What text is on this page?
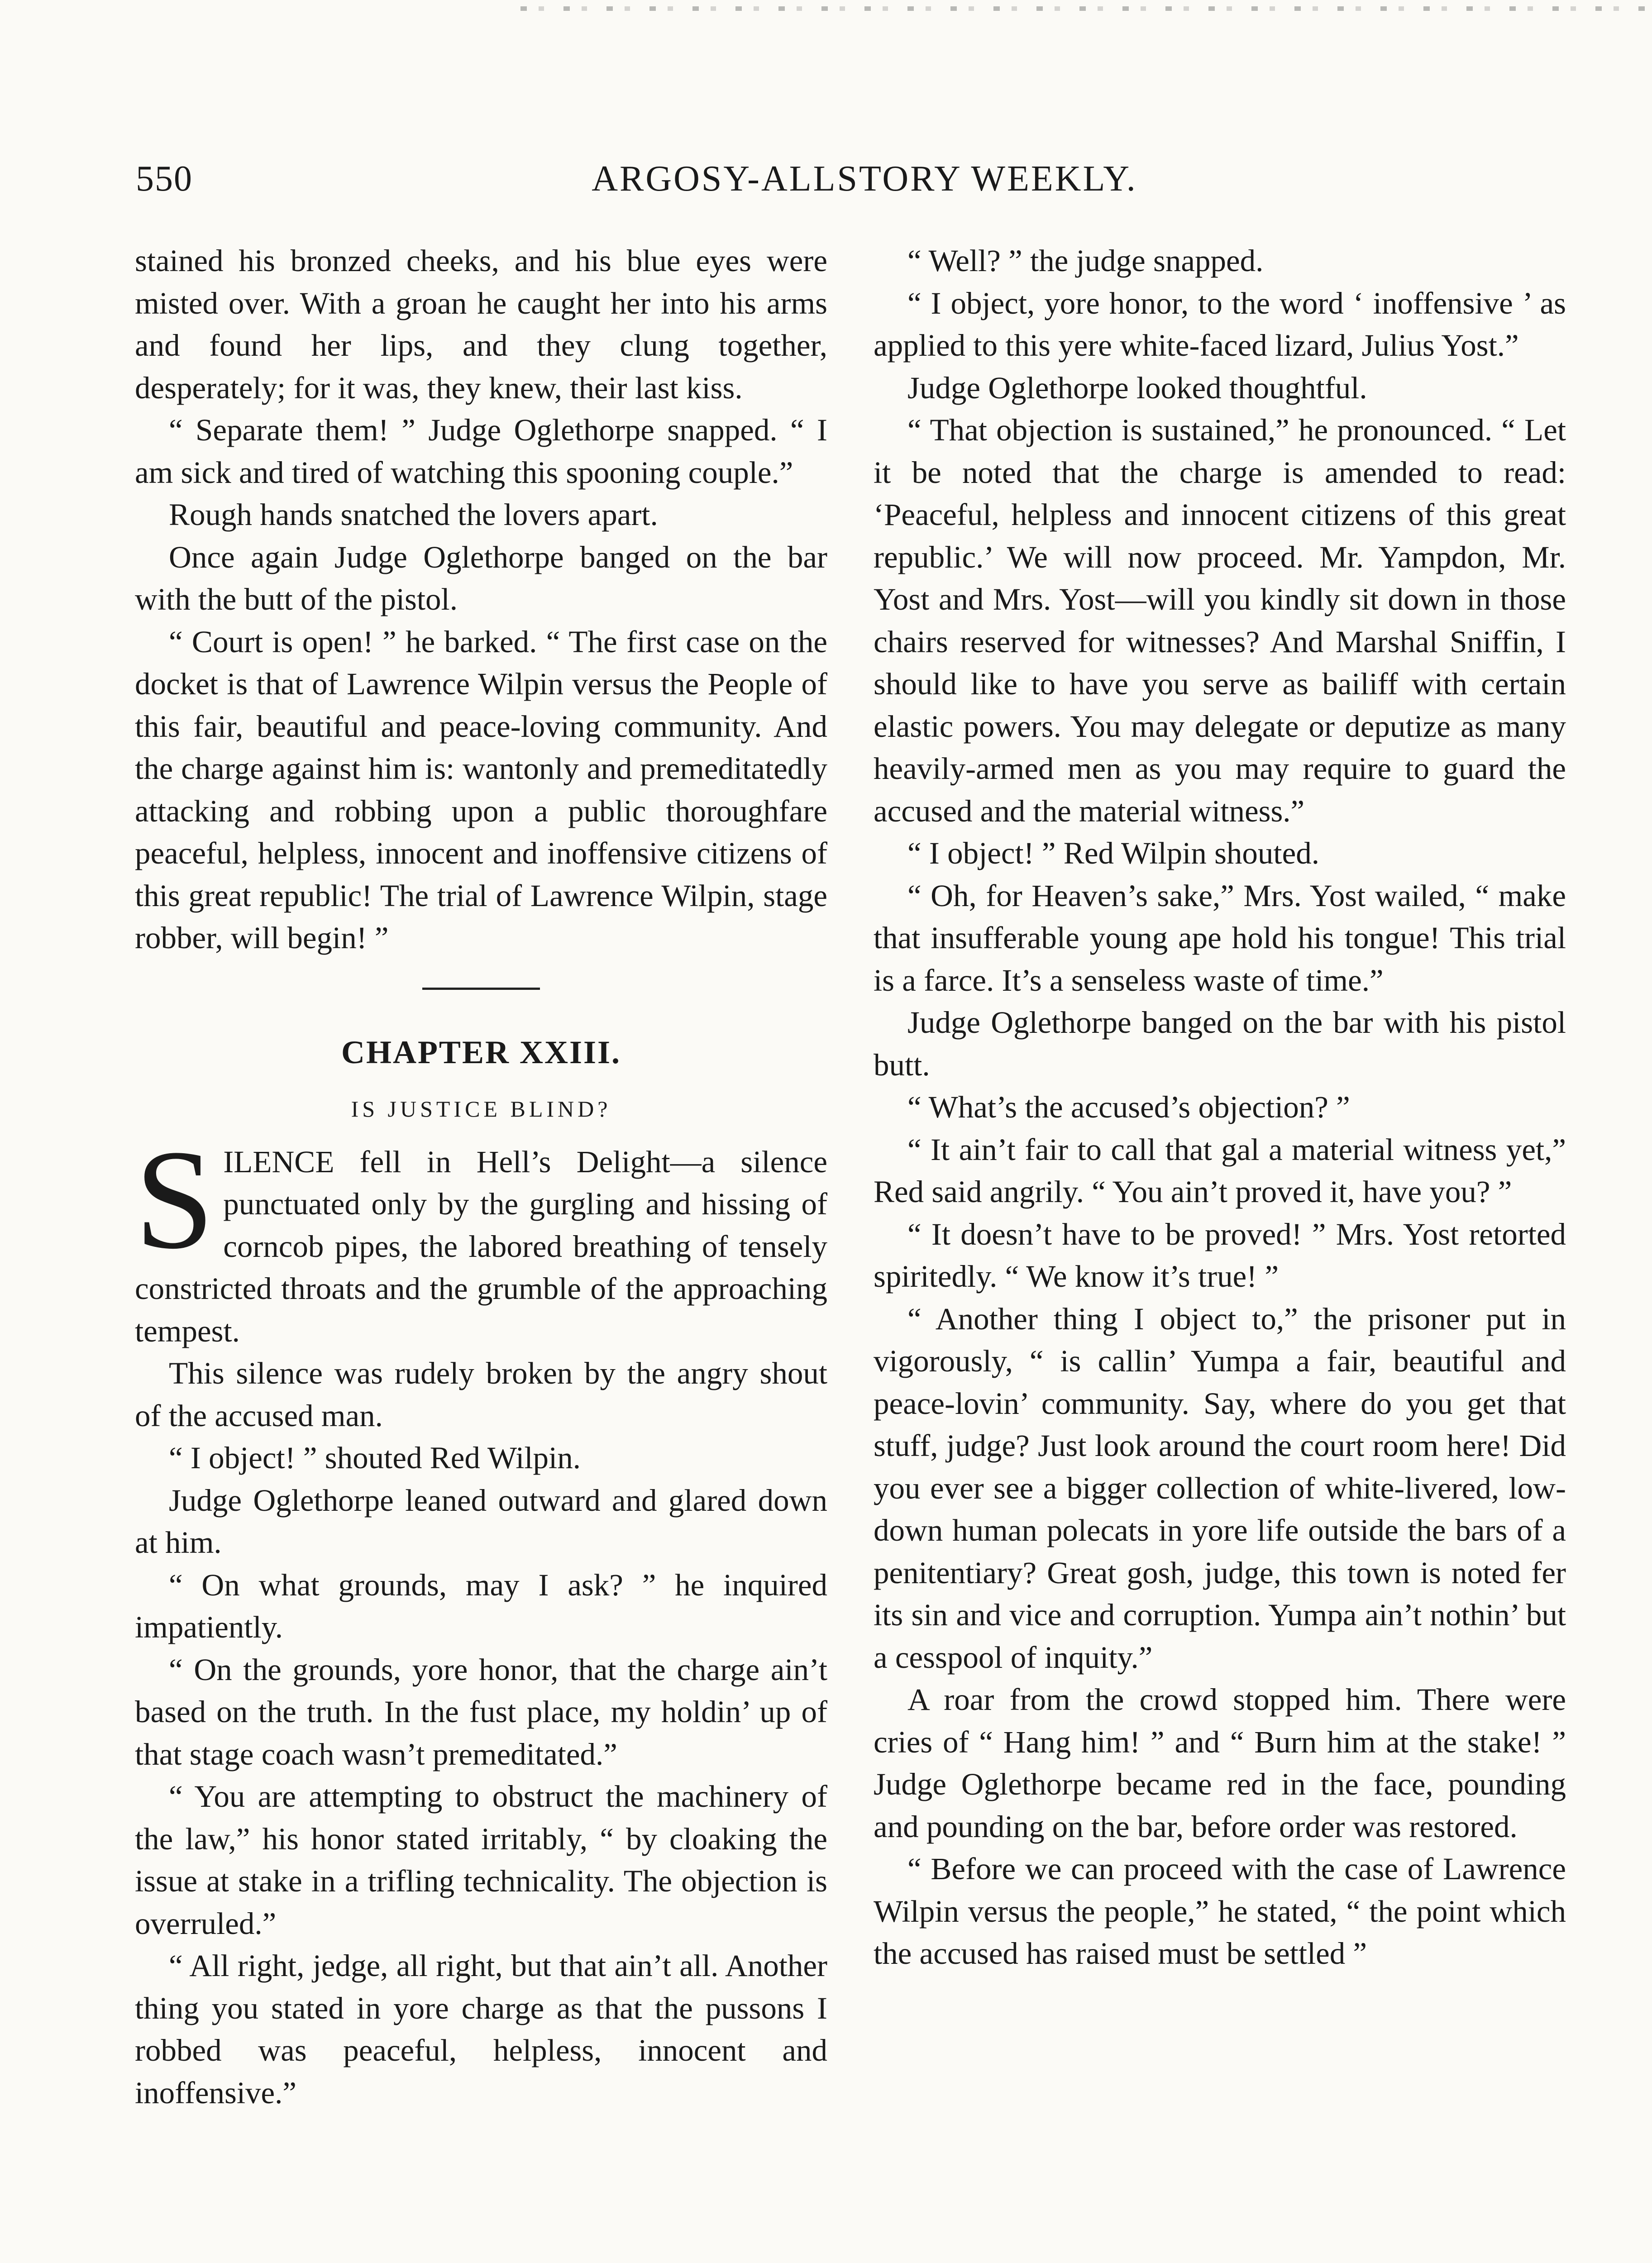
550	ARGOSY-ALLSTORY WEEKLY.

stained his bronzed cheeks, and his blue eyes were misted over. With a groan he caught her into his arms and found her lips, and they clung together, desperately; for it was, they knew, their last kiss.

“ Separate them! ” Judge Oglethorpe snapped. “ I am sick and tired of watching this spooning couple.”

Rough hands snatched the lovers apart.

Once again Judge Oglethorpe banged on the bar with the butt of the pistol.

“ Court is open! ” he barked. “ The first case on the docket is that of Lawrence Wilpin versus the People of this fair, beautiful and peace-loving community. And the charge against him is: wantonly and premeditatedly attacking and robbing upon a public thoroughfare peaceful, helpless, innocent and inoffensive citizens of this great republic! The trial of Lawrence Wilpin, stage robber, will begin! ”

CHAPTER XXIII.
IS JUSTICE BLIND?

SILENCE fell in Hell’s Delight—a silence punctuated only by the gurgling and hissing of corncob pipes, the labored breathing of tensely constricted throats and the grumble of the approaching tempest.

This silence was rudely broken by the angry shout of the accused man.

“ I object! ” shouted Red Wilpin.

Judge Oglethorpe leaned outward and glared down at him.

“ On what grounds, may I ask? ” he inquired impatiently.

“ On the grounds, yore honor, that the charge ain’t based on the truth. In the fust place, my holdin’ up of that stage coach wasn’t premeditated.”

“ You are attempting to obstruct the machinery of the law,” his honor stated irritably, “ by cloaking the issue at stake in a trifling technicality. The objection is overruled.”

“ All right, jedge, all right, but that ain’t all. Another thing you stated in yore charge as that the pussons I robbed was peaceful, helpless, innocent and inoffensive.”

“ Well? ” the judge snapped.

“ I object, yore honor, to the word ‘ inoffensive ’ as applied to this yere white-faced lizard, Julius Yost.”

Judge Oglethorpe looked thoughtful.

“ That objection is sustained,” he pronounced. “ Let it be noted that the charge is amended to read: ‘Peaceful, helpless and innocent citizens of this great republic.’ We will now proceed. Mr. Yampdon, Mr. Yost and Mrs. Yost—will you kindly sit down in those chairs reserved for witnesses? And Marshal Sniffin, I should like to have you serve as bailiff with certain elastic powers. You may delegate or deputize as many heavily-armed men as you may require to guard the accused and the material witness.”

“ I object! ” Red Wilpin shouted.

“ Oh, for Heaven’s sake,” Mrs. Yost wailed, “ make that insufferable young ape hold his tongue! This trial is a farce. It’s a senseless waste of time.”

Judge Oglethorpe banged on the bar with his pistol butt.

“ What’s the accused’s objection? ”

“ It ain’t fair to call that gal a material witness yet,” Red said angrily. “ You ain’t proved it, have you? ”

“ It doesn’t have to be proved! ” Mrs. Yost retorted spiritedly. “ We know it’s true! ”

“ Another thing I object to,” the prisoner put in vigorously, “ is callin’ Yumpa a fair, beautiful and peace-lovin’ community. Say, where do you get that stuff, judge? Just look around the court room here! Did you ever see a bigger collection of white-livered, low-down human polecats in yore life outside the bars of a penitentiary? Great gosh, judge, this town is noted fer its sin and vice and corruption. Yumpa ain’t nothin’ but a cesspool of inquity.”

A roar from the crowd stopped him. There were cries of “ Hang him! ” and “ Burn him at the stake! ” Judge Oglethorpe became red in the face, pounding and pounding on the bar, before order was restored.

“ Before we can proceed with the case of Lawrence Wilpin versus the people,” he stated, “ the point which the accused has raised must be settled ”
